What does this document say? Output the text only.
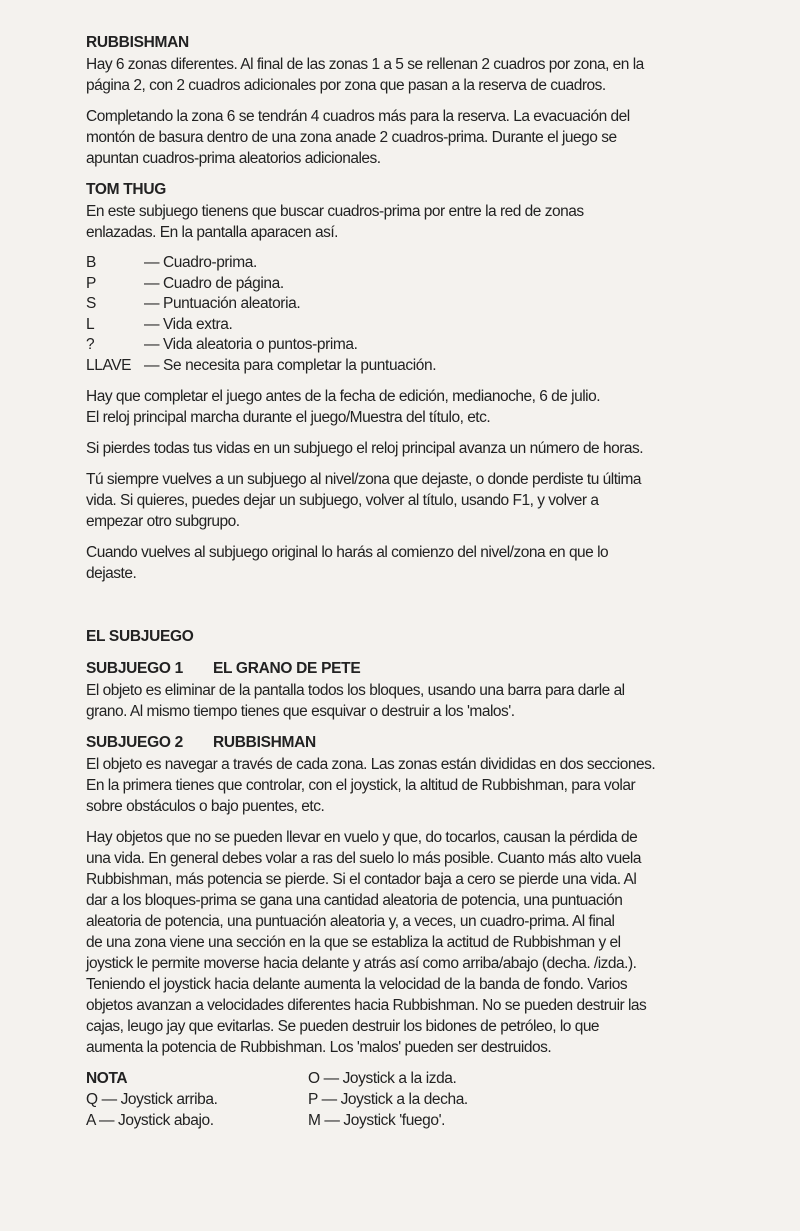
RUBBISHMAN

Hay 6 zonas diferentes. Al final de las zonas 1 a 5 se rellenan 2 cuadros por zona, en la
página 2, con 2 cuadros adicionales por zona que pasan a la reserva de cuadros.

Completando la zona 6 se tendrán 4 cuadros más para la reserva. La evacuación del
montón de basura dentro de una zona anade 2 cuadros-prima. Durante el juego se
apuntan cuadros-prima aleatorios adicionales.

TOM THUG

En este subjuego tienens que buscar cuadros-prima por entre la red de zonas
enlazadas. En la pantalla aparacen así.

B	— Cuadro-prima.
P	— Cuadro de página.
S	— Puntuación aleatoria.
L	— Vida extra.
?	— Vida aleatoria o puntos-prima.
LLAVE — Se necesita para completar la puntuación.

Hay que completar el juego antes de la fecha de edición, medianoche, 6 de julio.
El reloj principal marcha durante el juego/Muestra del título, etc.

Si pierdes todas tus vidas en un subjuego el reloj principal avanza un número de horas.

Tú siempre vuelves a un subjuego al nivel/zona que dejaste, o donde perdiste tu última
vida. Si quieres, puedes dejar un subjuego, volver al título, usando F1, y volver a
empezar otro subgrupo.

Cuando vuelves al subjuego original lo harás al comienzo del nivel/zona en que lo
dejaste.

EL SUBJUEGO
SUBJUEGO 1	EL GRANO DE PETE

El objeto es eliminar de la pantalla todos los bloques, usando una barra para darle al
grano. Al mismo tiempo tienes que esquivar o destruir a los 'malos'.

SUBJUEGO 2	RUBBISHMAN

El objeto es navegar a través de cada zona. Las zonas están divididas en dos secciones.
En la primera tienes que controlar, con el joystick, la altitud de Rubbishman, para volar
sobre obstáculos o bajo puentes, etc.

Hay objetos que no se pueden llevar en vuelo y que, do tocarlos, causan la pérdida de
una vida. En general debes volar a ras del suelo lo más posible. Cuanto más alto vuela
Rubbishman, más potencia se pierde. Si el contador baja a cero se pierde una vida. Al
dar a los bloques-prima se gana una cantidad aleatoria de potencia, una puntuación
aleatoria de potencia, una puntuación aleatoria y, a veces, un cuadro-prima. Al final
de una zona viene una sección en la que se establiza la actitud de Rubbishman y el
joystick le permite moverse hacia delante y atrás así como arriba/abajo (decha. /izda.).
Teniendo el joystick hacia delante aumenta la velocidad de la banda de fondo. Varios
objetos avanzan a velocidades diferentes hacia Rubbishman. No se pueden destruir las
cajas, leugo jay que evitarlas. Se pueden destruir los bidones de petróleo, lo que
aumenta la potencia de Rubbishman. Los 'malos' pueden ser destruidos.

NOTA
Q — Joystick arriba.
A — Joystick abajo.
O — Joystick a la izda.
P — Joystick a la decha.
M — Joystick 'fuego'.
